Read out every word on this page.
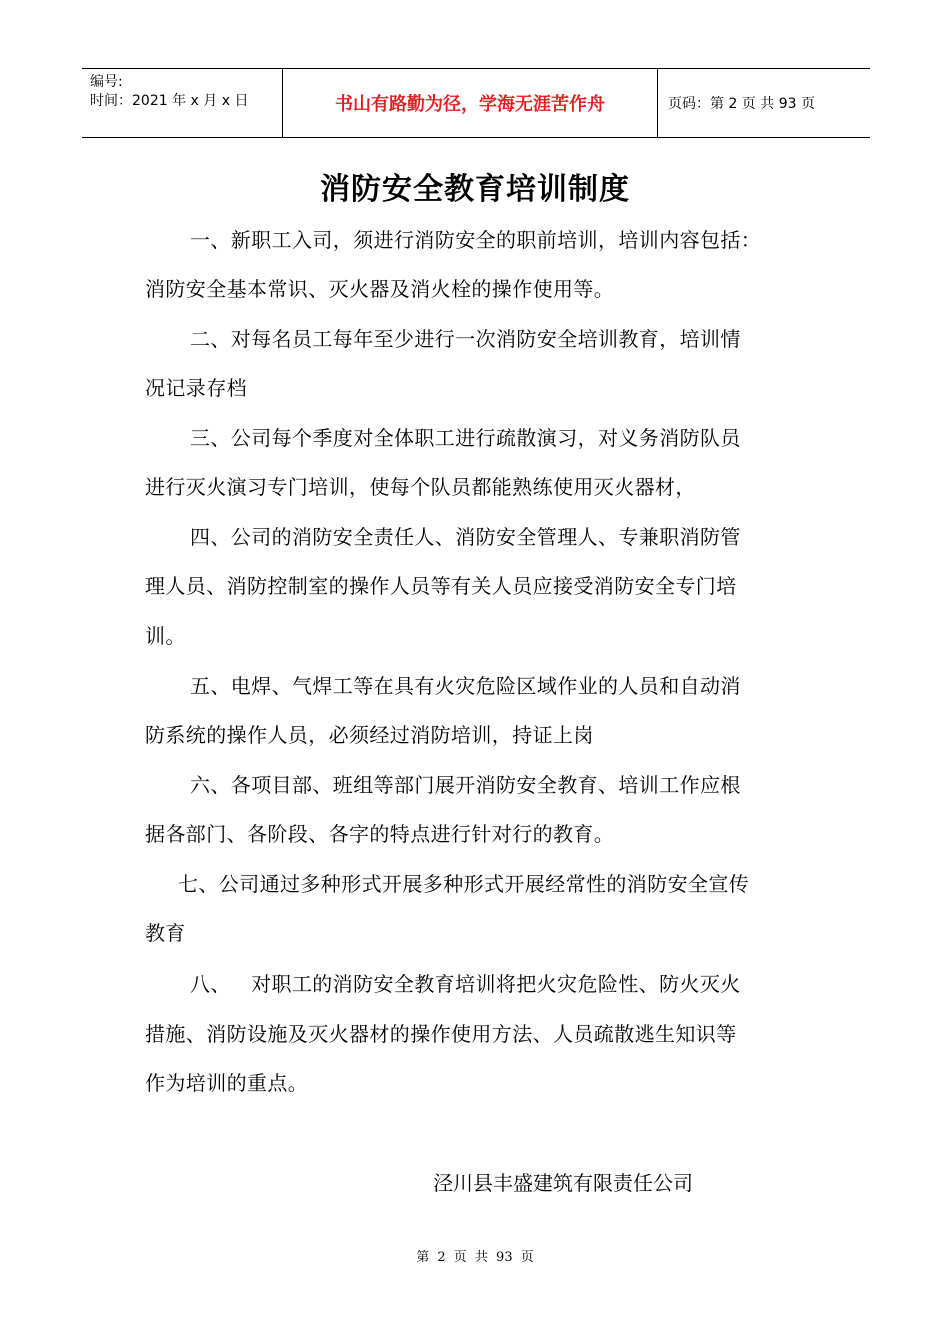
编号:
时间：2021 年 x 月 x 日	书山有路勤为径，学海无涯苦作舟	页码：第 2 页 共 93 页
消防安全教育培训制度
一、新职工入司，须进行消防安全的职前培训，培训内容包括：
消防安全基本常识、灭火器及消火栓的操作使用等。
二、对每名员工每年至少进行一次消防安全培训教育，培训情
况记录存档
三、公司每个季度对全体职工进行疏散演习，对义务消防队员
进行灭火演习专门培训，使每个队员都能熟练使用灭火器材，
四、公司的消防安全责任人、消防安全管理人、专兼职消防管
理人员、消防控制室的操作人员等有关人员应接受消防安全专门培
训。
五、电焊、气焊工等在具有火灾危险区域作业的人员和自动消
防系统的操作人员，必须经过消防培训，持证上岗
六、各项目部、班组等部门展开消防安全教育、培训工作应根
据各部门、各阶段、各字的特点进行针对行的教育。
七、公司通过多种形式开展多种形式开展经常性的消防安全宣传
教育
八、   对职工的消防安全教育培训将把火灾危险性、防火灭火
措施、消防设施及灭火器材的操作使用方法、人员疏散逃生知识等
作为培训的重点。
泾川县丰盛建筑有限责任公司
第 2 页 共 93 页
